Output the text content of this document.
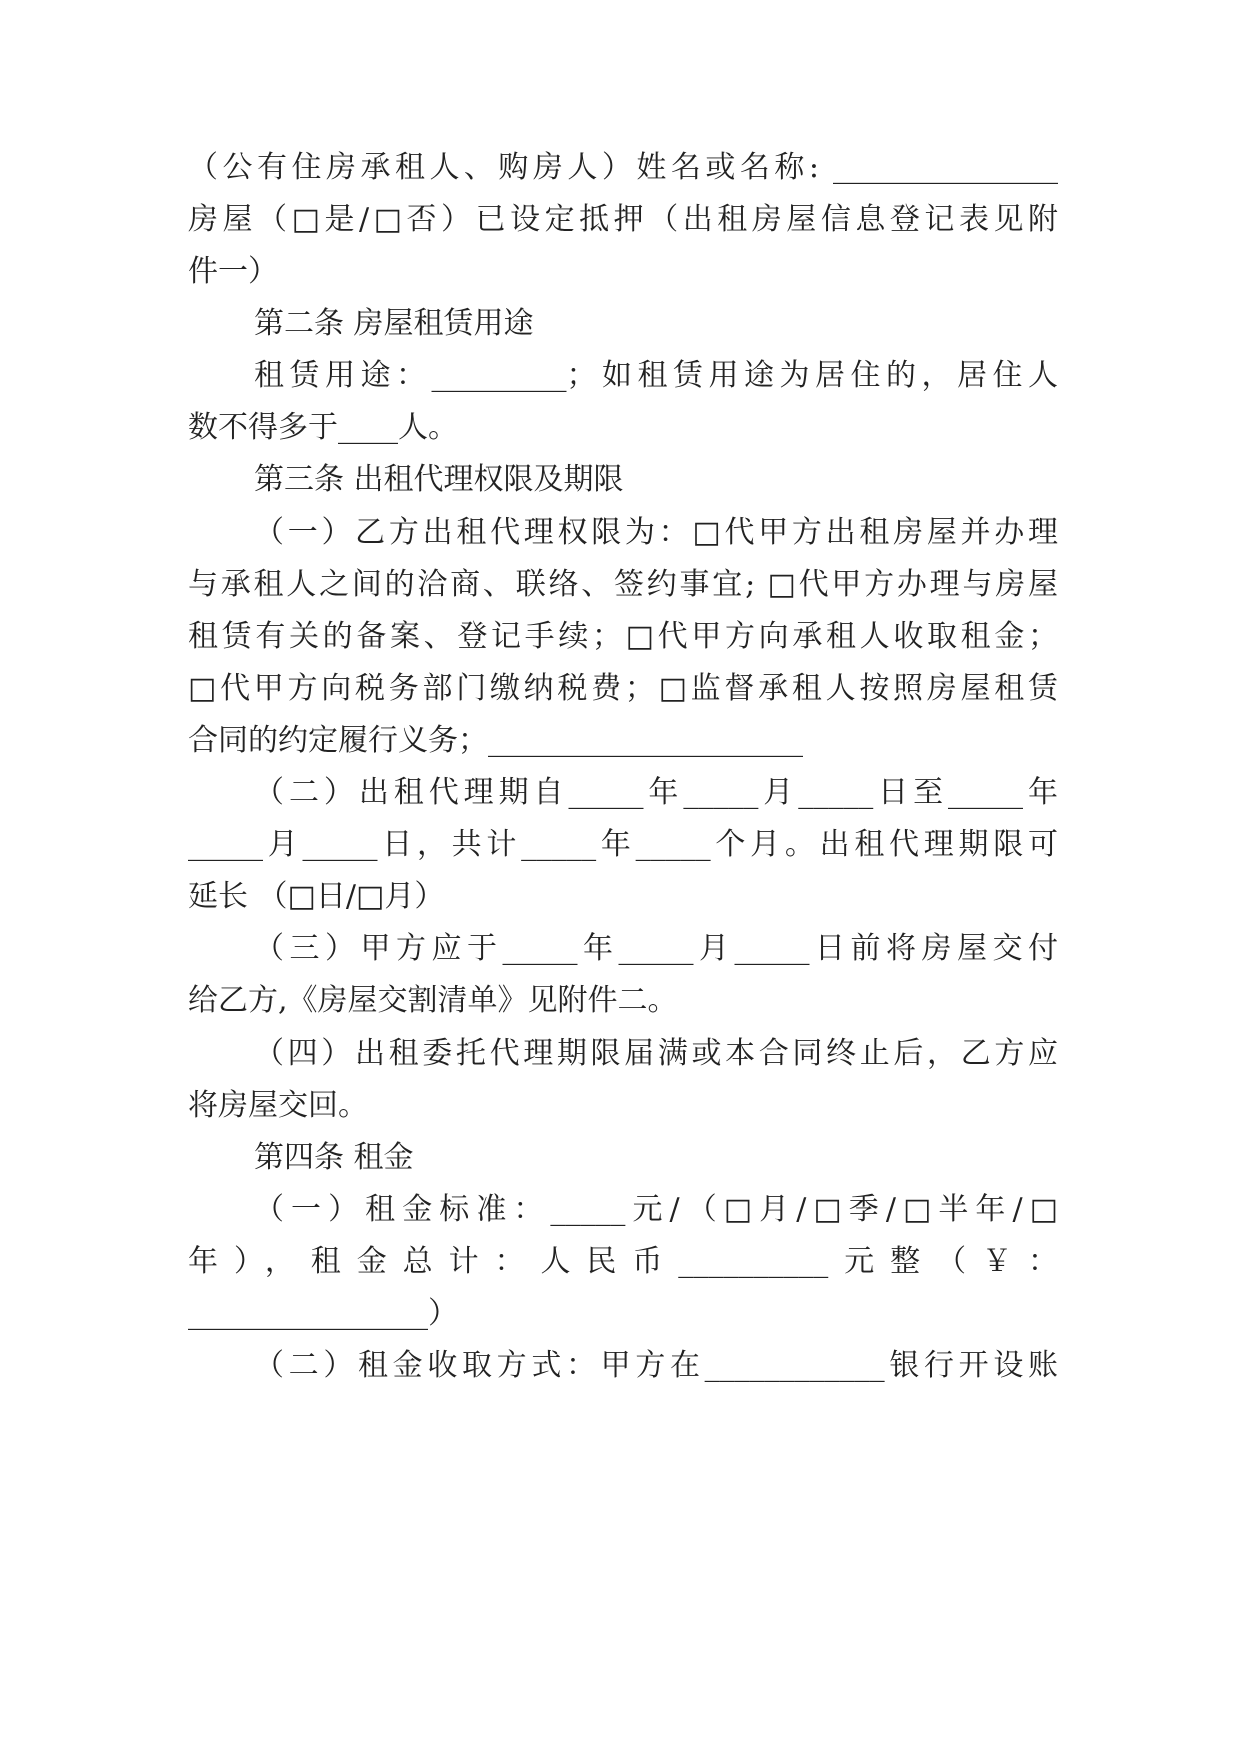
（公有住房承租人、购房人）姓名或名称: _______________
房屋（□是/□否）已设定抵押（出租房屋信息登记表见附
件一）
第二条 房屋租赁用途
租赁用途：_________；如租赁用途为居住的，居住人
数不得多于____人。
第三条 出租代理权限及期限
（一）乙方出租代理权限为：□代甲方出租房屋并办理
与承租人之间的洽商、联络、签约事宜; □代甲方办理与房屋
租赁有关的备案、登记手续；□代甲方向承租人收取租金；
□代甲方向税务部门缴纳税费；□监督承租人按照房屋租赁
合同的约定履行义务；_____________________
（二）出租代理期自_____年_____月_____日至_____年
_____月_____日，共计_____年_____个月。出租代理期限可
延长 （□日/□月）
（三）甲方应于_____年_____月_____日前将房屋交付
给乙方,《房屋交割清单》见附件二。
（四）出租委托代理期限届满或本合同终止后，乙方应
将房屋交回。
第四条 租金
（一）租金标准：_____元/（□月/□季/□半年/□
年），租金总计：人民币__________元整（￥：
________________）
（二）租金收取方式：甲方在____________银行开设账
